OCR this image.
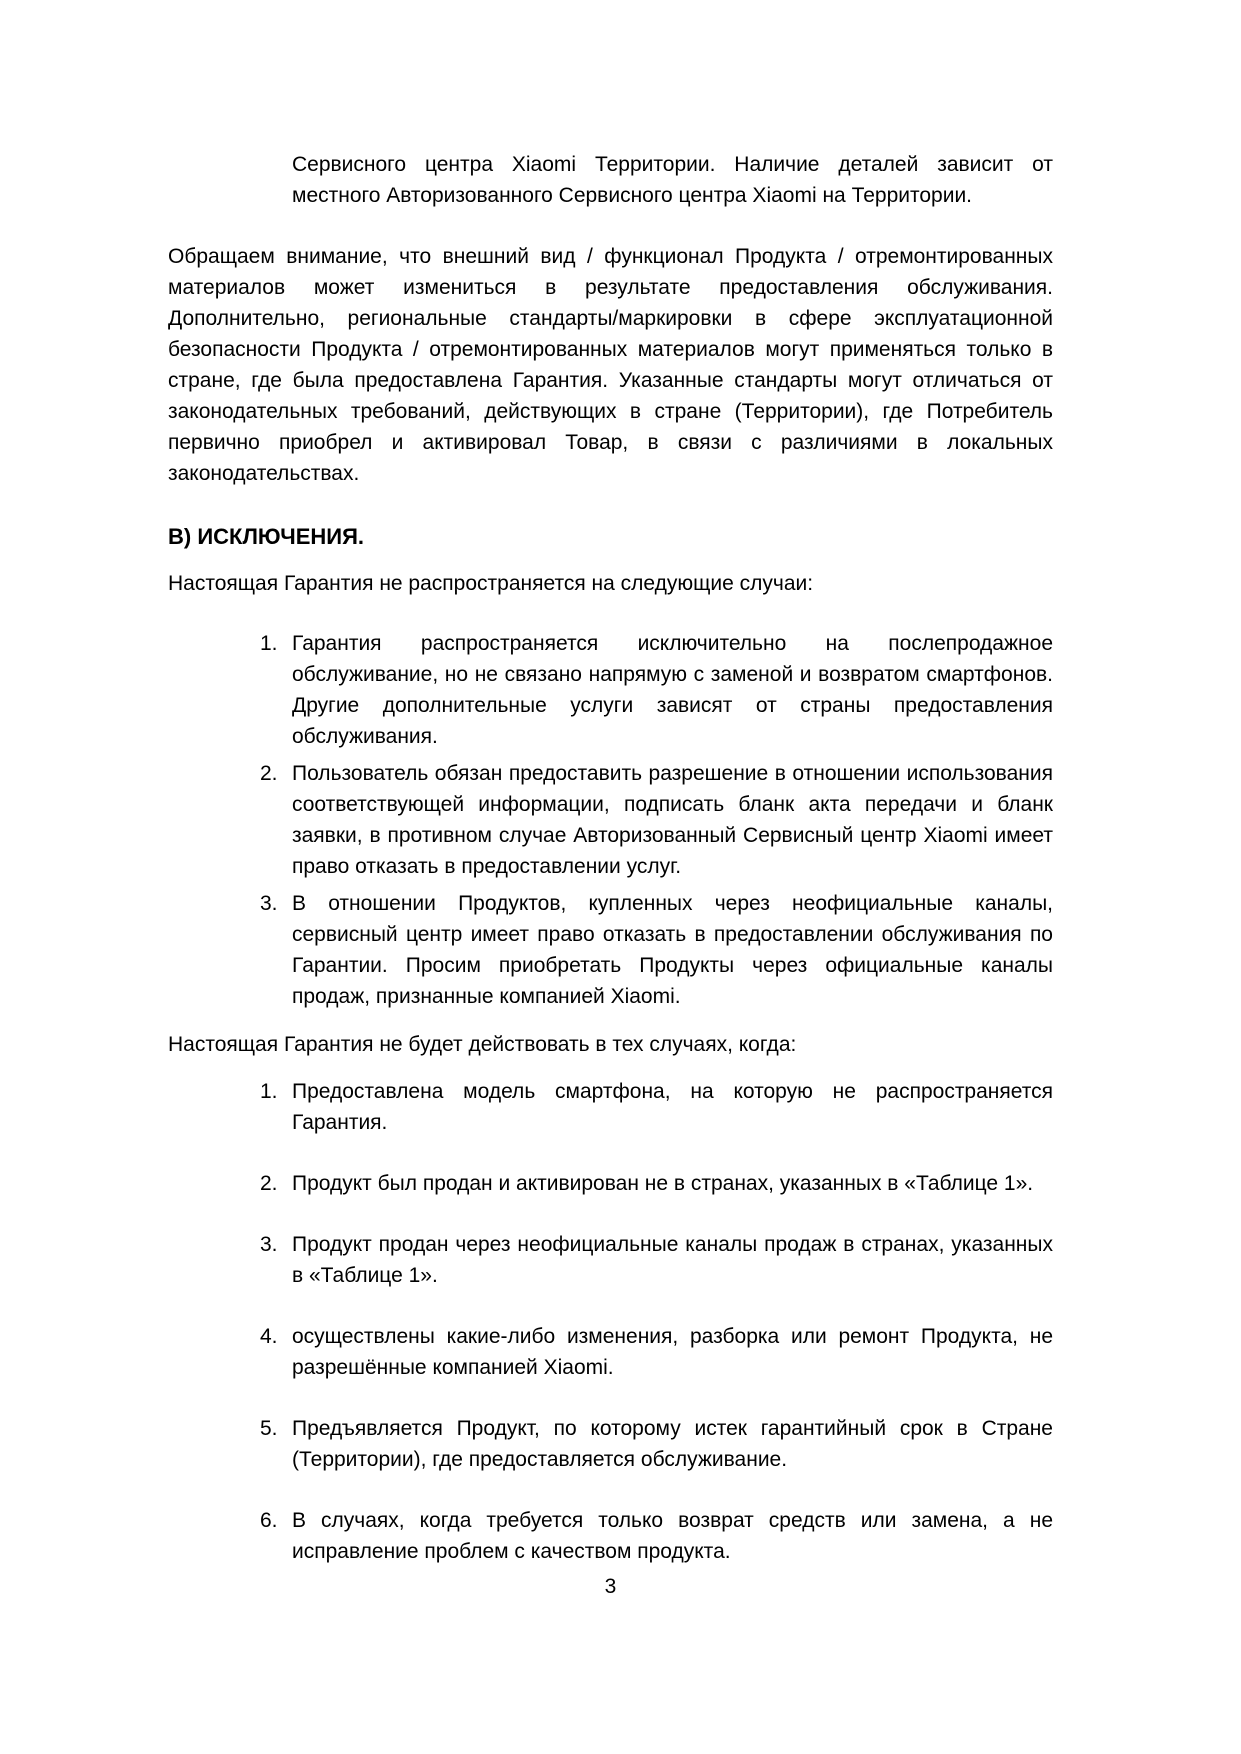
Сервисного центра Xiaomi Территории. Наличие деталей зависит от местного Авторизованного Сервисного центра Xiaomi на Территории.

Обращаем внимание, что внешний вид / функционал Продукта / отремонтированных материалов может измениться в результате предоставления обслуживания. Дополнительно, региональные стандарты/маркировки в сфере эксплуатационной безопасности Продукта / отремонтированных материалов могут применяться только в стране, где была предоставлена Гарантия. Указанные стандарты могут отличаться от законодательных требований, действующих в стране (Территории), где Потребитель первично приобрел и активировал Товар, в связи с различиями в локальных законодательствах.

В) ИСКЛЮЧЕНИЯ.

Настоящая Гарантия не распространяется на следующие случаи:

1. Гарантия распространяется исключительно на послепродажное обслуживание, но не связано напрямую с заменой и возвратом смартфонов. Другие дополнительные услуги зависят от страны предоставления обслуживания.
2. Пользователь обязан предоставить разрешение в отношении использования соответствующей информации, подписать бланк акта передачи и бланк заявки, в противном случае Авторизованный Сервисный центр Xiaomi имеет право отказать в предоставлении услуг.
3. В отношении Продуктов, купленных через неофициальные каналы, сервисный центр имеет право отказать в предоставлении обслуживания по Гарантии. Просим приобретать Продукты через официальные каналы продаж, признанные компанией Xiaomi.

Настоящая Гарантия не будет действовать в тех случаях, когда:

1. Предоставлена модель смартфона, на которую не распространяется Гарантия.
2. Продукт был продан и активирован не в странах, указанных в «Таблице 1».
3. Продукт продан через неофициальные каналы продаж в странах, указанных в «Таблице 1».
4. осуществлены какие-либо изменения, разборка или ремонт Продукта, не разрешённые компанией Xiaomi.
5. Предъявляется Продукт, по которому истек гарантийный срок в Стране (Территории), где предоставляется обслуживание.
6. В случаях, когда требуется только возврат средств или замена, а не исправление проблем с качеством продукта.
3
